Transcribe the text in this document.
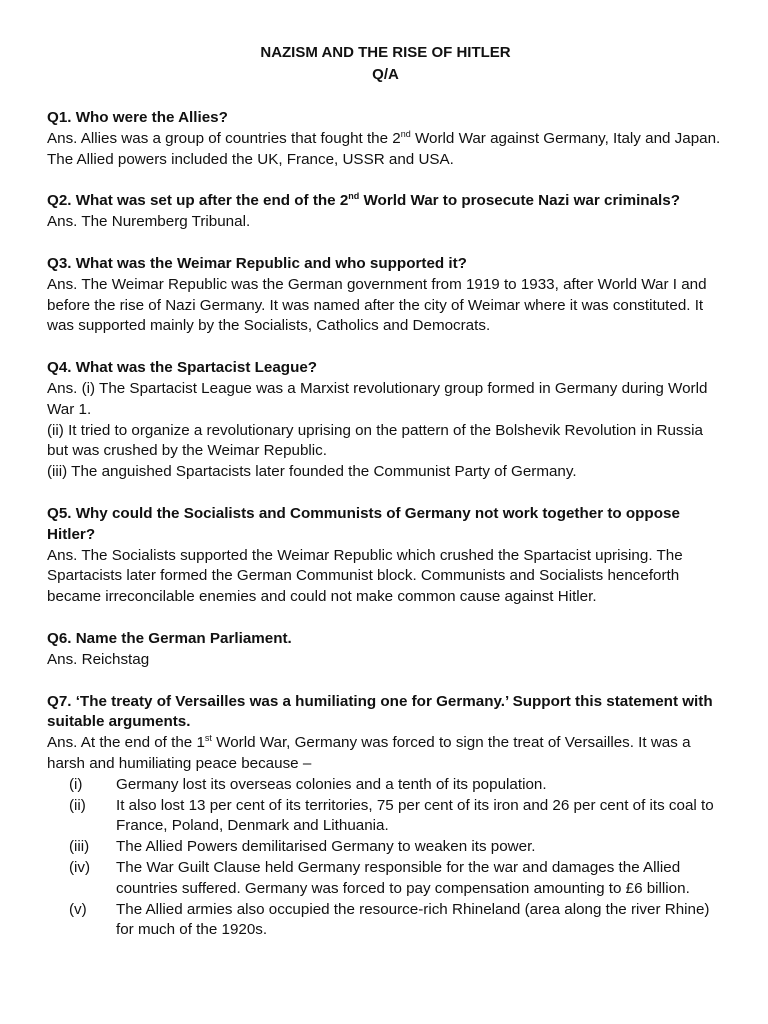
NAZISM AND THE RISE OF HITLER
Q/A
Q1. Who were the Allies?
Ans. Allies was a group of countries that fought the 2nd World War against Germany, Italy and Japan. The Allied powers included the UK, France, USSR and USA.
Q2. What was set up after the end of the 2nd World War to prosecute Nazi war criminals?
Ans. The Nuremberg Tribunal.
Q3. What was the Weimar Republic and who supported it?
Ans. The Weimar Republic was the German government from 1919 to 1933, after World War I and before the rise of Nazi Germany. It was named after the city of Weimar where it was constituted. It was supported mainly by the Socialists, Catholics and Democrats.
Q4. What was the Spartacist League?
Ans. (i) The Spartacist League was a Marxist revolutionary group formed in Germany during World War 1.
(ii) It tried to organize a revolutionary uprising on the pattern of the Bolshevik Revolution in Russia but was crushed by the Weimar Republic.
(iii) The anguished Spartacists later founded the Communist Party of Germany.
Q5. Why could the Socialists and Communists of Germany not work together to oppose Hitler?
Ans. The Socialists supported the Weimar Republic which crushed the Spartacist uprising. The Spartacists later formed the German Communist block. Communists and Socialists henceforth became irreconcilable enemies and could not make common cause against Hitler.
Q6. Name the German Parliament.
Ans. Reichstag
Q7. ‘The treaty of Versailles was a humiliating one for Germany.’ Support this statement with suitable arguments.
Ans. At the end of the 1st World War, Germany was forced to sign the treat of Versailles. It was a harsh and humiliating peace because –
(i)	Germany lost its overseas colonies and a tenth of its population.
(ii)	It also lost 13 per cent of its territories, 75 per cent of its iron and 26 per cent of its coal to France, Poland, Denmark and Lithuania.
(iii)	The Allied Powers demilitarised Germany to weaken its power.
(iv)	The War Guilt Clause held Germany responsible for the war and damages the Allied countries suffered. Germany was forced to pay compensation amounting to £6 billion.
(v)	The Allied armies also occupied the resource-rich Rhineland (area along the river Rhine) for much of the 1920s.
